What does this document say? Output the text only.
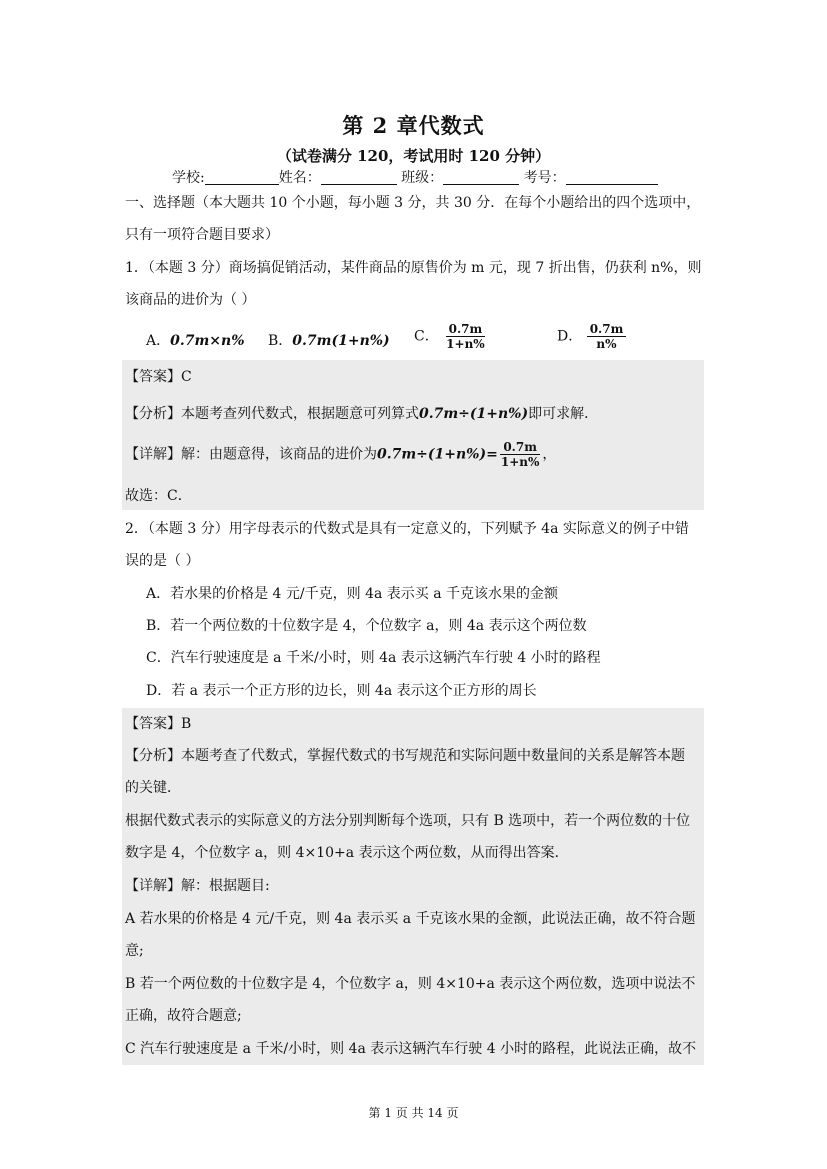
第 2 章代数式
（试卷满分 120，考试用时 120 分钟）
学校:	姓名：	班级：	考号：
一、选择题（本大题共 10 个小题，每小题 3 分，共 30 分．在每个小题给出的四个选项中，
只有一项符合题目要求）
1．（本题 3 分）商场搞促销活动，某件商品的原售价为 m 元，现 7 折出售，仍获利 n%，则
该商品的进价为（ ）
A．0.7m×n% B．0.7m(1+n%) C． $\frac{0.7m}{1+n\%}$	D． $\frac{0.7m}{n\%}$
【答案】C
【分析】本题考查列代数式，根据题意可列算式0.7m÷(1+n%)即可求解．
【详解】解：由题意得，该商品的进价为$0.7m\div(1+n\%)= \frac{0.7m}{1+n\%}$ ，
故选：C．
2．（本题 3 分）用字母表示的代数式是具有一定意义的，下列赋予 4a 实际意义的例子中错
误的是（ ）
A．若水果的价格是 4 元/千克，则 4a 表示买 a 千克该水果的金额
B．若一个两位数的十位数字是 4，个位数字 a，则 4a 表示这个两位数
C．汽车行驶速度是 a 千米/小时，则 4a 表示这辆汽车行驶 4 小时的路程
D．若 a 表示一个正方形的边长，则 4a 表示这个正方形的周长
【答案】B
【分析】本题考查了代数式，掌握代数式的书写规范和实际问题中数量间的关系是解答本题
的关键．
根据代数式表示的实际意义的方法分别判断每个选项，只有 B 选项中，若一个两位数的十位
数字是 4，个位数字 a，则 4×10+a 表示这个两位数，从而得出答案．
【详解】解：根据题目:
A 若水果的价格是 4 元/千克，则 4a 表示买 a 千克该水果的金额，此说法正确，故不符合题
意;
B 若一个两位数的十位数字是 4，个位数字 a，则 4×10+a 表示这个两位数，选项中说法不
正确，故符合题意;
C 汽车行驶速度是 a 千米/小时，则 4a 表示这辆汽车行驶 4 小时的路程，此说法正确，故不
第 1 页 共 14 页
